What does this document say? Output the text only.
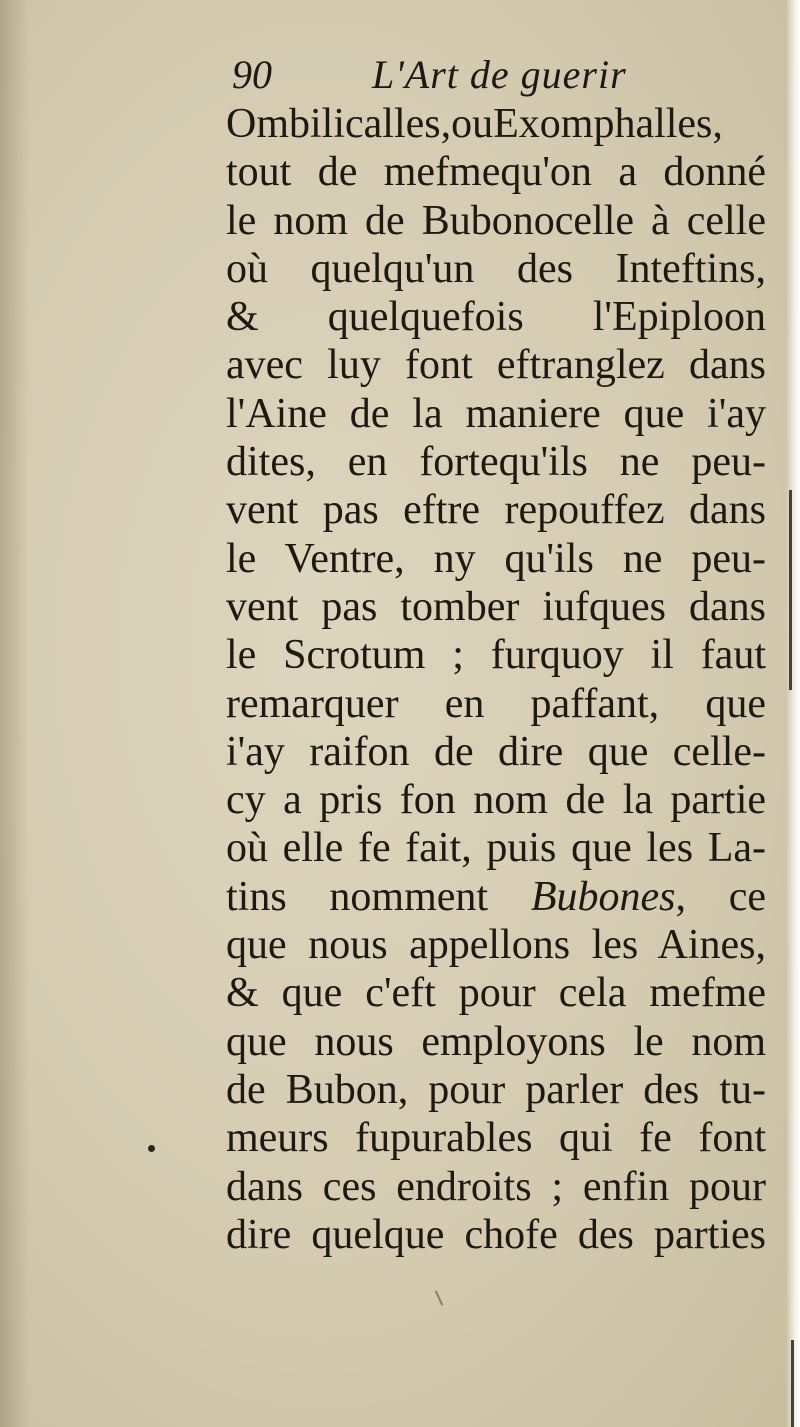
90	L'Art de guerir
Ombilicalles,ouExomphalles,
tout de mefmequ'on a donné
le nom de Bubonocelle à celle
où quelqu'un des Inteftins,
& quelquefois l'Epiploon
avec luy font eftranglez dans
l'Aine de la maniere que i'ay
dites, en fortequ'ils ne peu-
vent pas eftre repouffez dans
le Ventre, ny qu'ils ne peu-
vent pas tomber iufques dans
le Scrotum ; furquoy il faut
remarquer en paffant, que
i'ay raifon de dire que celle-
cy a pris fon nom de la partie
où elle fe fait, puis que les La-
tins nomment Bubones, ce
que nous appellons les Aines,
& que c'eft pour cela mefme
que nous employons le nom
de Bubon, pour parler des tu-
meurs fupurables qui fe font
dans ces endroits ; enfin pour
dire quelque chofe des parties
